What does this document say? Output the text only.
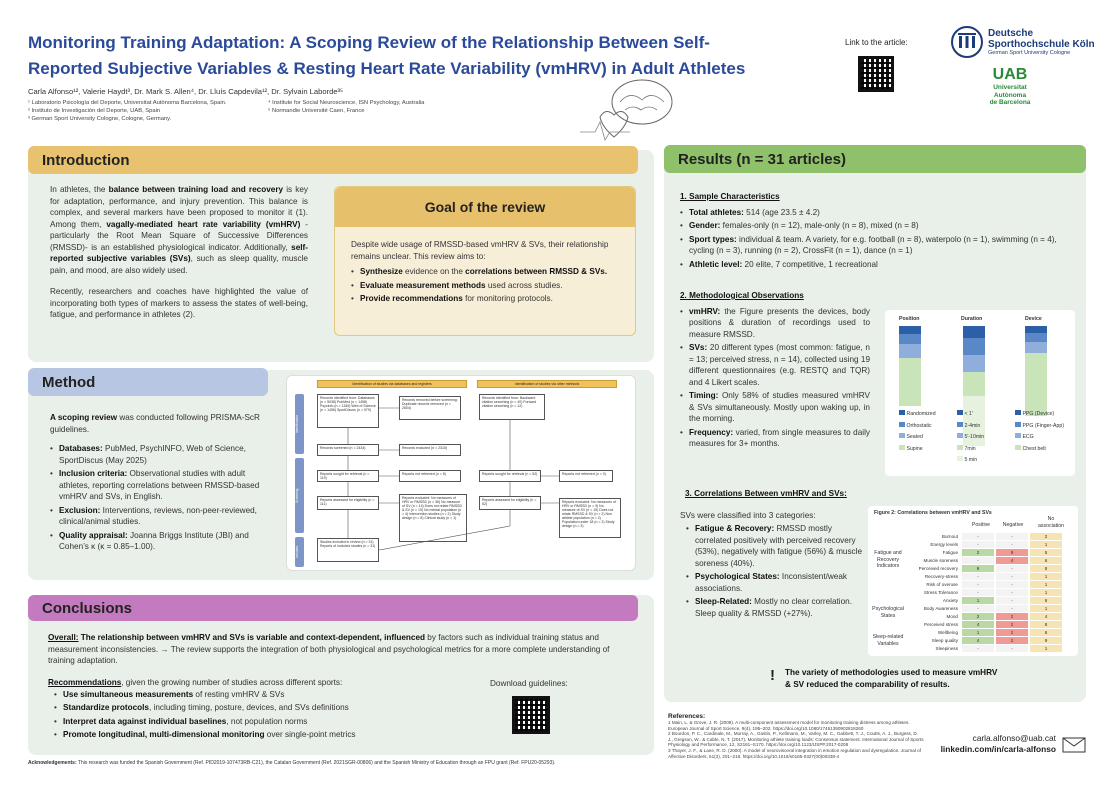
Monitoring Training Adaptation: A Scoping Review of the Relationship Between Self-
Reported Subjective Variables & Resting Heart Rate Variability (vmHRV) in Adult Athletes
Carla Alfonso¹², Valerie Haydt³, Dr. Mark S. Allen⁴, Dr. Lluís Capdevila¹², Dr. Sylvain Laborde³⁵
¹ Laboratorio Psicología del Deporte, Universitat Autònoma Barcelona, Spain.
² Instituto de Investigación del Deporte, UAB, Spain
³ German Sport University Cologne, Cologne, Germany.
⁴ Institute for Social Neuroscience, ISN Psychology, Australia
⁵ Normandie Université Caen, France
Link to the article:
Deutsche
Sporthochschule Köln
German Sport University Cologne
UAB
Universitat Autònoma
de Barcelona
Introduction

In athletes, the balance between training load and recovery is key for adaptation, performance, and injury prevention. This balance is complex, and several markers have been proposed to monitor it (1). Among them, vagally-mediated heart rate variability (vmHRV) -particularly the Root Mean Square of Successive Differences (RMSSD)- is an established physiological indicator. Additionally, self-reported subjective variables (SVs), such as sleep quality, muscle pain, and mood, are also widely used.

Recently, researchers and coaches have highlighted the value of incorporating both types of markers to assess the states of well-being, fatigue, and performance in athletes (2).

Goal of the review

Despite wide usage of RMSSD-based vmHRV & SVs, their relationship remains unclear. This review aims to:

• Synthesize evidence on the correlations between RMSSD & SVs.
• Evaluate measurement methods used across studies.
• Provide recommendations for monitoring protocols.
Method

A scoping review was conducted following PRISMA-ScR guidelines.

• Databases: PubMed, PsychINFO, Web of Science, SportDiscus (May 2025)
• Inclusion criteria: Observational studies with adult athletes, reporting correlations between RMSSD-based vmHRV and SVs, in English.
• Exclusion: Interventions, reviews, non-peer-reviewed, clinical/animal studies.
• Quality appraisal: Joanna Briggs Institute (JBI) and Cohen’s κ (κ = 0.85–1.00).
Identification of studies via databases and registers	Identification of studies via other methods
Identification
Screening
Included
Records identified from: Databases (n = 5038) PubMed (n = 1458) PsycInfo (n = 1345) Web of Science (n = 1456) SportDiscus (n = 979)
Records removed before screening: Duplicate records removed (n = 2604)
Records identified from: Backward citation searching (n = 40) Forward citation searching (n = 12)
Records screened (n = 2434)	Records excluded (n = 2315)
Reports sought for retrieval (n = 119)
Reports not retrieved (n = 8)	Reports sought for retrieval (n = 52)	Reports not retrieved (n = 0)
Reports assessed for eligibility (n = 111)
Reports excluded: No measures of HRV or RMSSD (n = 36) No measure of SV (n = 14) Does not relate RMSSD & SV (n = 19) No mental population (n = 4) Intervention studies (n = 2) Study design (n = 8) Clinical study (n = 1)
Reports assessed for eligibility (n = 52)	Reports excluded: No measures of HRV or RMSSD (n = 9) No measure of SV (n = 19) Does not relate RMSSD & SV (n = 2) Non athlete population (n = 2) Population under 18 (n = 2) Study design (n = 3)
Studies included in review (n = 31) Reports of included studies (n = 31)
Conclusions
Overall: The relationship between vmHRV and SVs is variable and context-dependent, influenced by factors such as individual training status and measurement inconsistencies. → The review supports the integration of both physiological and psychological metrics for a more complete understanding of training adaptation.

Recommendations, given the growing number of studies across different sports:

• Use simultaneous measurements of resting vmHRV & SVs
• Standardize protocols, including timing, posture, devices, and SVs definitions
• Interpret data against individual baselines, not population norms
• Promote longitudinal, multi-dimensional monitoring over single-point metrics
Download guidelines:
Acknowledgements: This research was funded the Spanish Government (Ref. PID2019-107473RB-C21), the Catalan Government (Ref. 2021SGR-00806) and the Spanish Ministry of Education through an FPU grant (Ref. FPU20-05293).
Results (n = 31 articles)
1. Sample Characteristics
• Total athletes: 514 (age 23.5 ± 4.2)
• Gender: females-only (n = 12), male-only (n = 8), mixed (n = 8)
• Sport types: individual & team. A variety, for e.g. football (n = 8), waterpolo (n = 1), swimming (n = 4), cycling (n = 3), running (n = 2), CrossFit (n = 1), dance (n = 1)
• Athletic level: 20 elite, 7 competitive, 1 recreational
2. Methodological Observations
• vmHRV: the Figure presents the devices, body positions & duration of recordings used to measure RMSSD.
• SVs: 20 different types (most common: fatigue, n = 13; perceived stress, n = 14), collected using 19 different questionnaires (e.g. RESTQ and TQR) and 4 Likert scales.
• Timing: Only 58% of studies measured vmHRV & SVs simultaneously. Mostly upon waking up, in the morning.
• Frequency: varied, from single measures to daily measures for 3+ months.
Position	Duration	Device
Randomized	< 1'	PPG (Device)
Orthostatic	2-4min	PPG (Finger-App)
Seated	5'-10min	ECG
Supine	7min	Chest belt
5 min
3. Correlations Between vmHRV and SVs:

SVs were classified into 3 categories:

• Fatigue & Recovery: RMSSD mostly correlated positively with perceived recovery (53%), negatively with fatigue (56%) & muscle soreness (40%).
• Psychological States: Inconsistent/weak associations.
• Sleep-Related: Mostly no clear correlation. Sleep quality & RMSSD (+27%).
Figure 2: Correlations between vmHRV and SVs
Positive	Negative
No association
Fatigue and Recovery Indicators
Psychological States
Sleep-related Variables
Burnout	-	-	2
Energy levels	-	-	1
Fatigue	2	9	5
Muscle soreness	-	4	6
Perceived recovery	9	-	8
Recovery-stress	-	-	1
Risk of overuse	-	-	1
Stress Tolerance	-	-	1
Anxiety	1	-	6
Body Awareness	-	-	1
Mood	2	2	4
Perceived stress	4	2	8
Wellbeing	1	2	6
Sleep quality	4	2	9
Sleepiness	-	-	1
! The variety of methodologies used to measure vmHRV & SV reduced the comparability of results.
References:
1 Main, L. & Grove, J. R. (2009). A multi-component assessment model for monitoring training distress among athletes. European Journal of Sport Science, 9(4), 195–202. https://doi.org/10.1080/17461390902818260
2 Bourdon, P. C., Cardinale, M., Murray, A., Gastin, P., Kellmann, M., Varley, M. C., Gabbett, T. J., Coutts, A. J., Burgess, D. J., Gregson, W., & Cable, N. T. (2017). Monitoring athlete training loads: Consensus statement. International Journal of Sports Physiology and Performance, 12, S2161–S170. https://doi.org/10.1123/IJSPP.2017-0208
3 Thayer, J. F., & Lane, R. D. (2000). A model of neurovisceral integration in emotion regulation and dysregulation. Journal of Affective Disorders, 61(3), 201–216. https://doi.org/10.1016/s0165-0327(00)00338-4
carla.alfonso@uab.cat
linkedin.com/in/carla-alfonso
